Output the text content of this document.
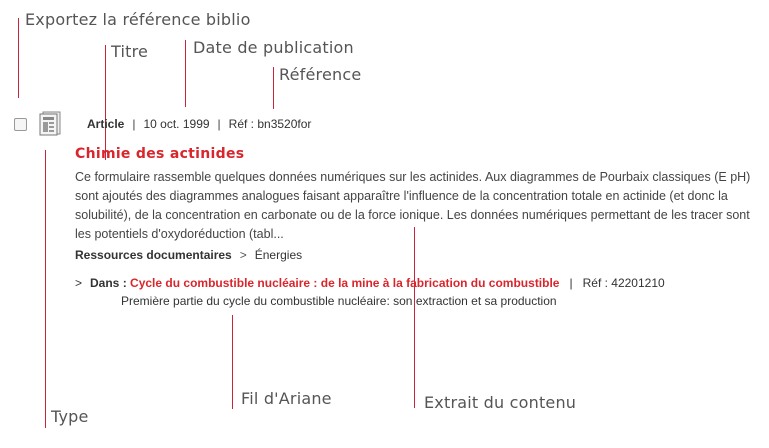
Exportez la référence biblio
Titre	Date de publication
Référence
Type
Fil d'Ariane	Extrait du contenu
Article | 10 oct. 1999 | Réf : bn3520for
Chimie des actinides
Ce formulaire rassemble quelques données numériques sur les actinides. Aux diagrammes de Pourbaix classiques (E pH) sont ajoutés des diagrammes analogues faisant apparaître l'influence de la concentration totale en actinide (et donc la solubilité), de la concentration en carbonate ou de la force ionique. Les données numériques permettant de les tracer sont les potentiels d'oxydoréduction (tabl...
Ressources documentaires > Énergies
> Dans : Cycle du combustible nucléaire : de la mine à la fabrication du combustible | Réf : 42201210
Première partie du cycle du combustible nucléaire: son extraction et sa production
